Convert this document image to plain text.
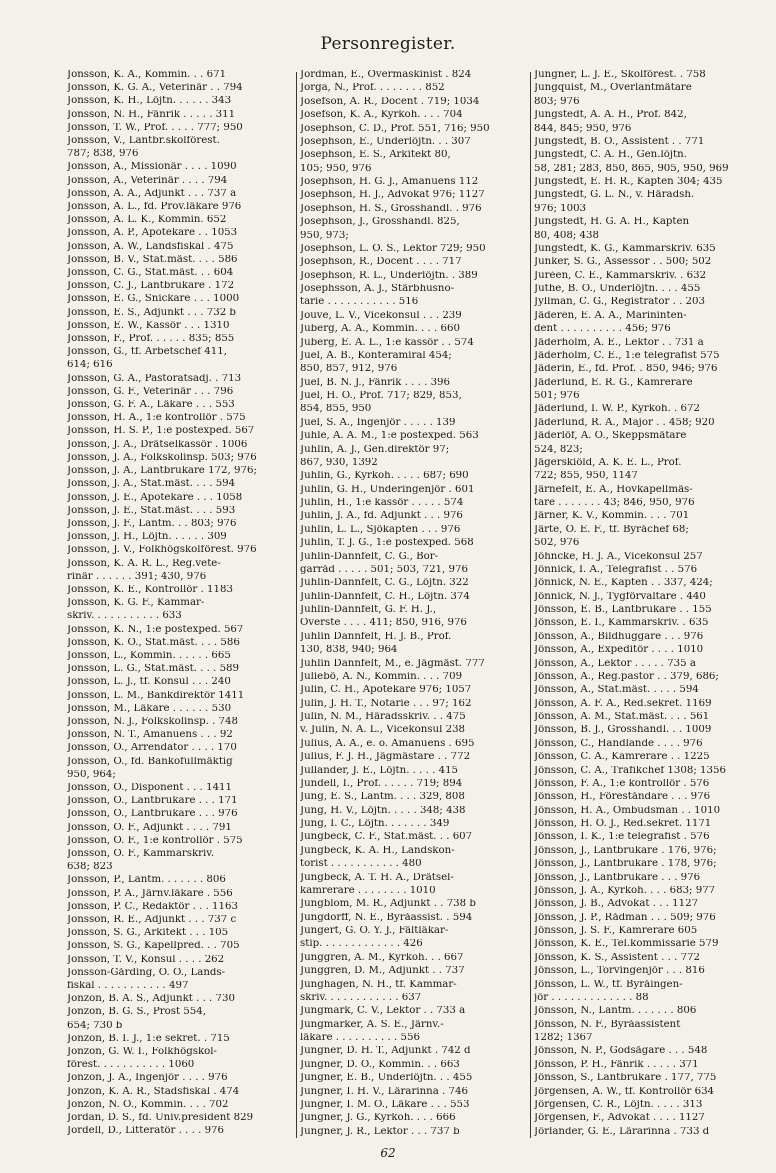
Personregister.
Jonsson, K. A., Kommin. . . 671
Jonsson, K. G. A., Veterinär . . 794
Jonsson, K. H., Löjtn. . . . . . 343
Jonsson, N. H., Fänrik . . . . . 311
Jonsson, T. W., Prof. . . . . 777; 950
Jonsson, V., Lantbr.skolförest.
787; 838, 976
Jonsson, A., Missionär . . . . 1090
Jonsson, A., Veterinär . . . . 794
Jonsson, A. A., Adjunkt . . . 737 a
Jonsson, A. L., fd. Prov.läkare 976
Jonsson, A. L. K., Kommin. 652
Jonsson, A. P., Apotekare . . 1053
Jonsson, A. W., Landsfiskal . 475
Jonsson, B. V., Stat.mäst. . . . 586
Jonsson, C. G., Stat.mäst. . . 604
Jonsson, C. J., Lantbrukare . 172
Jonsson, E. G., Snickare . . . 1000
Jonsson, E. S., Adjunkt . . . 732 b
Jonsson, E. W., Kassör . . . 1310
Jonsson, F., Prof. . . . . . 835; 855
Jonsson, G., tf. Arbetschef 411,
614; 616
Jonsson, G. A., Pastoratsadj. . 713
Jonsson, G. F., Veterinär . . . 796
Jonsson, G. F. A., Läkare . . . 553
Jonsson, H. A., 1:e kontrollör . 575
Jonsson, H. S. P., 1:e postexped. 567
Jonsson, J. A., Drätselkassör . 1006
Jonsson, J. A., Folkskolinsp. 503; 976
Jonsson, J. A., Lantbrukare 172, 976;
Jonsson, J. A., Stat.mäst. . . . 594
Jonsson, J. E., Apotekare . . . 1058
Jonsson, J. E., Stat.mäst. . . . 593
Jonsson, J. F., Lantm. . . 803; 976
Jonsson, J. H., Löjtn. . . . . . 309
Jonsson, J. V., Folkhögskolförest. 976
Jonsson, K. A. R. L., Reg.vete-
rinär . . . . . . 391; 430, 976
Jonsson, K. E., Kontrollör . 1183
Jonsson, K. G. F., Kammar-
skriv. . . . . . . . . . . 633
Jonsson, K. N., 1:e postexped. 567
Jonsson, K. O., Stat.mäst. . . . 586
Jonsson, L., Kommin. . . . . . 665
Jonsson, L. G., Stat.mäst. . . . 589
Jonsson, L. J., tf. Konsul . . . 240
Jonsson, L. M., Bankdirektör 1411
Jonsson, M., Läkare . . . . . . 530
Jonsson, N. J., Folkskolinsp. . 748
Jonsson, N. T., Amanuens . . . 92
Jonsson, O., Arrendator . . . . 170
Jonsson, O., fd. Bankofullmäktig
950, 964;
Jonsson, O., Disponent . . . 1411
Jonsson, O., Lantbrukare . . . 171
Jonsson, O., Lantbrukare . . . 976
Jonsson, O. F., Adjunkt . . . . 791
Jonsson, O. F., 1:e kontrollör . 575
Jonsson, O. F., Kammarskriv.
638; 823
Jonsson, P., Lantm. . . . . . . 806
Jonsson, P. A., Järnv.läkare . 556
Jonsson, P. C., Redaktör . . . 1163
Jonsson, R. E., Adjunkt . . . 737 c
Jonsson, S. G., Arkitekt . . . 105
Jonsson, S. G., Kapellpred. . . 705
Jonsson, T. V., Konsul . . . . 262
Jonsson-Gårding, O. O., Lands-
fiskal . . . . . . . . . . . 497
Jonzon, B. A. S., Adjunkt . . . 730
Jonzon, B. G. S., Prost 554,
654; 730 b
Jonzon, B. I. J., 1:e sekret. . 715
Jonzon, G. W. I., Folkhögskol-
förest. . . . . . . . . . . 1060
Jonzon, J. A., Ingenjör . . . . 976
Jonzon, K. A. R., Stadsfiskal . 474
Jonzon, N. O., Kommin. . . . 702
Jordan, D. S., fd. Univ.president 829
Jordell, D., Litteratör . . . . 976
Jordman, E., Övermaskinist . 824
Jorga, N., Prof. . . . . . . . 852
Josefson, A. R., Docent . 719; 1034
Josefson, K. A., Kyrkoh. . . . 704
Josephson, C. D., Prof. 551, 716; 950
Josephson, E., Underlöjtn. . . 307
Josephson, E. S., Arkitekt 80,
105; 950, 976
Josephson, H. G. J., Amanuens 112
Josephson, H. J., Advokat 976; 1127
Josephson, H. S., Grosshandl. . 976
Josephson, J., Grosshandl. 825,
950, 973;
Josephson, L. O. S., Lektor 729; 950
Josephson, R., Docent . . . . 717
Josephson, R. L., Underlöjtn. . 389
Josephsson, A. J., Stärbhusno-
tarie . . . . . . . . . . . 516
Jouve, L. V., Vicekonsul . . . 239
Juberg, A. A., Kommin. . . . 660
Juberg, E. A. L., 1:e kassör . . 574
Juel, A. B., Konteramiral 454;
850, 857, 912, 976
Juel, B. N. J., Fänrik . . . . 396
Juel, H. O., Prof. 717; 829, 853,
854, 855, 950
Juel, S. A., Ingenjör . . . . . 139
Juhle, A. A. M., 1:e postexped. 563
Juhlin, A. J., Gen.direktör 97;
867, 930, 1392
Juhlin, G., Kyrkoh. . . . . 687; 690
Juhlin, G. H., Underingenjör . 601
Juhlin, H., 1:e kassör . . . . . 574
Juhlin, J. A., fd. Adjunkt . . . 976
Juhlin, L. L., Sjökapten . . . 976
Juhlin, T. J. G., 1:e postexped. 568
Juhlin-Dannfelt, C. G., Bor-
garråd . . . . . 501; 503, 721, 976
Juhlin-Dannfelt, C. G., Löjtn. 322
Juhlin-Dannfelt, C. H., Löjtn. 374
Juhlin-Dannfelt, G. F. H. J.,
Överste . . . . 411; 850, 916, 976
Juhlin Dannfelt, H. J. B., Prof.
130, 838, 940; 964
Juhlin Dannfelt, M., e. Jägmäst. 777
Juliebö, A. N., Kommin. . . . 709
Julin, C. H., Apotekare 976; 1057
Julin, J. H. T., Notarie . . . 97; 162
Julin, N. M., Häradsskriv. . . 475
v. Julin, N. A. L., Vicekonsul 238
Julius, A. A., e. o. Amanuens . 695
Julius, F. J. H., Jägmästare . . 772
Jullander, J. E., Löjtn. . . . . 415
Jundell, I., Prof. . . . . . 719; 894
Jung, E. S., Lantm. . . . 329, 808
Jung, H. V., Löjtn. . . . . 348; 438
Jung, I. C., Löjtn. . . . . . . 349
Jungbeck, C. F., Stat.mäst. . . 607
Jungbeck, K. A. H., Landskon-
torist . . . . . . . . . . . 480
Jungbeck, Å. T. H. A., Drätsel-
kamrerare . . . . . . . . 1010
Jungblom, M. R., Adjunkt . . 738 b
Jungdorff, N. E., Byråassist. . 594
Jungert, G. O. Y. J., Fältläkar-
stip. . . . . . . . . . . . . 426
Junggren, A. M., Kyrkoh. . . 667
Junggren, D. M., Adjunkt . . 737
Junghagen, N. H., tf. Kammar-
skriv. . . . . . . . . . . . 637
Jungmark, C. V., Lektor . . 733 a
Jungmarker, A. S. E., Järnv.-
läkare . . . . . . . . . . 556
Jungner, D. H. T., Adjunkt . 742 d
Jungner, D. O., Kommin. . . 663
Jungner, E. B., Underlöjtn. . . 455
Jungner, I. H. V., Lärarinna . 746
Jungner, I. M. O., Läkare . . . 553
Jungner, J. G., Kyrkoh. . . . 666
Jungner, J. R., Lektor . . . 737 b
Jungner, L. J. E., Skolförest. . 758
Jungquist, M., Överlantmätare
803; 976
Jungstedt, A. A. H., Prof. 842,
844, 845; 950, 976
Jungstedt, B. O., Assistent . . 771
Jungstedt, C. A. H., Gen.löjtn.
58, 281; 283, 850, 865, 905, 950, 969
Jungstedt, E. H. R., Kapten 304; 435
Jungstedt, G. L. N., v. Häradsh.
976; 1003
Jungstedt, H. G. A. H., Kapten
80, 408; 438
Jungstedt, K. G., Kammarskriv. 635
Junker, S. G., Assessor . . 500; 502
Juréen, C. E., Kammarskriv. . 632
Juthe, B. O., Underlöjtn. . . . 455
Jyllman, C. G., Registrator . . 203
Jäderén, E. A. A., Marininten-
dent . . . . . . . . . . 456; 976
Jäderholm, A. E., Lektor . . 731 a
Jäderholm, C. E., 1:e telegrafist 575
Jäderin, E., fd. Prof. . 850, 946; 976
Jäderlund, E. R. G., Kamrerare
501; 976
Jäderlund, I. W. P., Kyrkoh. . 672
Jäderlund, R. A., Major . . 458; 920
Jäderlöf, A. O., Skeppsmätare
524, 823;
Jägerskiöld, A. K. E. L., Prof.
722; 855, 950, 1147
Järnefelt, E. A., Hovkapellmäs-
tare . . . . . . . 43; 846, 950, 976
Järner, K. V., Kommin. . . . 701
Järte, O. E. F., tf. Byråchef 68;
502, 976
Jöhncke, H. J. A., Vicekonsul 257
Jönnick, I. A., Telegrafist . . 576
Jönnick, N. E., Kapten . . 337, 424;
Jönnick, N. J., Tygförvaltare . 440
Jönsson, E. B., Lantbrukare . . 155
Jönsson, E. I., Kammarskriv. . 635
Jönsson, A., Bildhuggare . . . 976
Jönsson, A., Expeditör . . . . 1010
Jönsson, A., Lektor . . . . . 735 a
Jönsson, A., Reg.pastor . . 379, 686;
Jönsson, A., Stat.mäst. . . . . 594
Jönsson, A. F. A., Red.sekret. 1169
Jönsson, A. M., Stat.mäst. . . . 561
Jönsson, B. J., Grosshandl. . . 1009
Jönsson, C., Handlande . . . . 976
Jönsson, C. A., Kamrerare . . 1225
Jönsson, C. A., Trafikchef 1308; 1356
Jönsson, F. A., 1:e kontrollör . 576
Jönsson, H., Föreståndare . . . 976
Jönsson, H. A., Ombudsman . . 1010
Jönsson, H. O. J., Red.sekret. 1171
Jönsson, I. K., 1:e telegrafist . 576
Jönsson, J., Lantbrukare . 176, 976;
Jönsson, J., Lantbrukare . 178, 976;
Jönsson, J., Lantbrukare . . . 976
Jönsson, J. A., Kyrkoh. . . . 683; 977
Jönsson, J. B., Advokat . . . 1127
Jönsson, J. P., Rådman . . . 509; 976
Jönsson, J. S. F., Kamrerare 605
Jönsson, K. E., Tel.kommissarie 579
Jönsson, K. S., Assistent . . . 772
Jönsson, L., Torvingenjör . . . 816
Jönsson, L. W., tf. Byråingen-
jör . . . . . . . . . . . . . 88
Jönsson, N., Lantm. . . . . . . 806
Jönsson, N. F., Byråassistent
1282; 1367
Jönsson, N. P., Godsägare . . . 548
Jönsson, P. H., Fänrik . . . . . 371
Jönsson, S., Lantbrukare . 177, 775
Jörgensen, A. W., tf. Kontrollör 634
Jörgensen, C. R., Löjtn. . . . . 313
Jörgensen, F., Advokat . . . . 1127
Jörlander, G. E., Lärarinna . 733 d
62
